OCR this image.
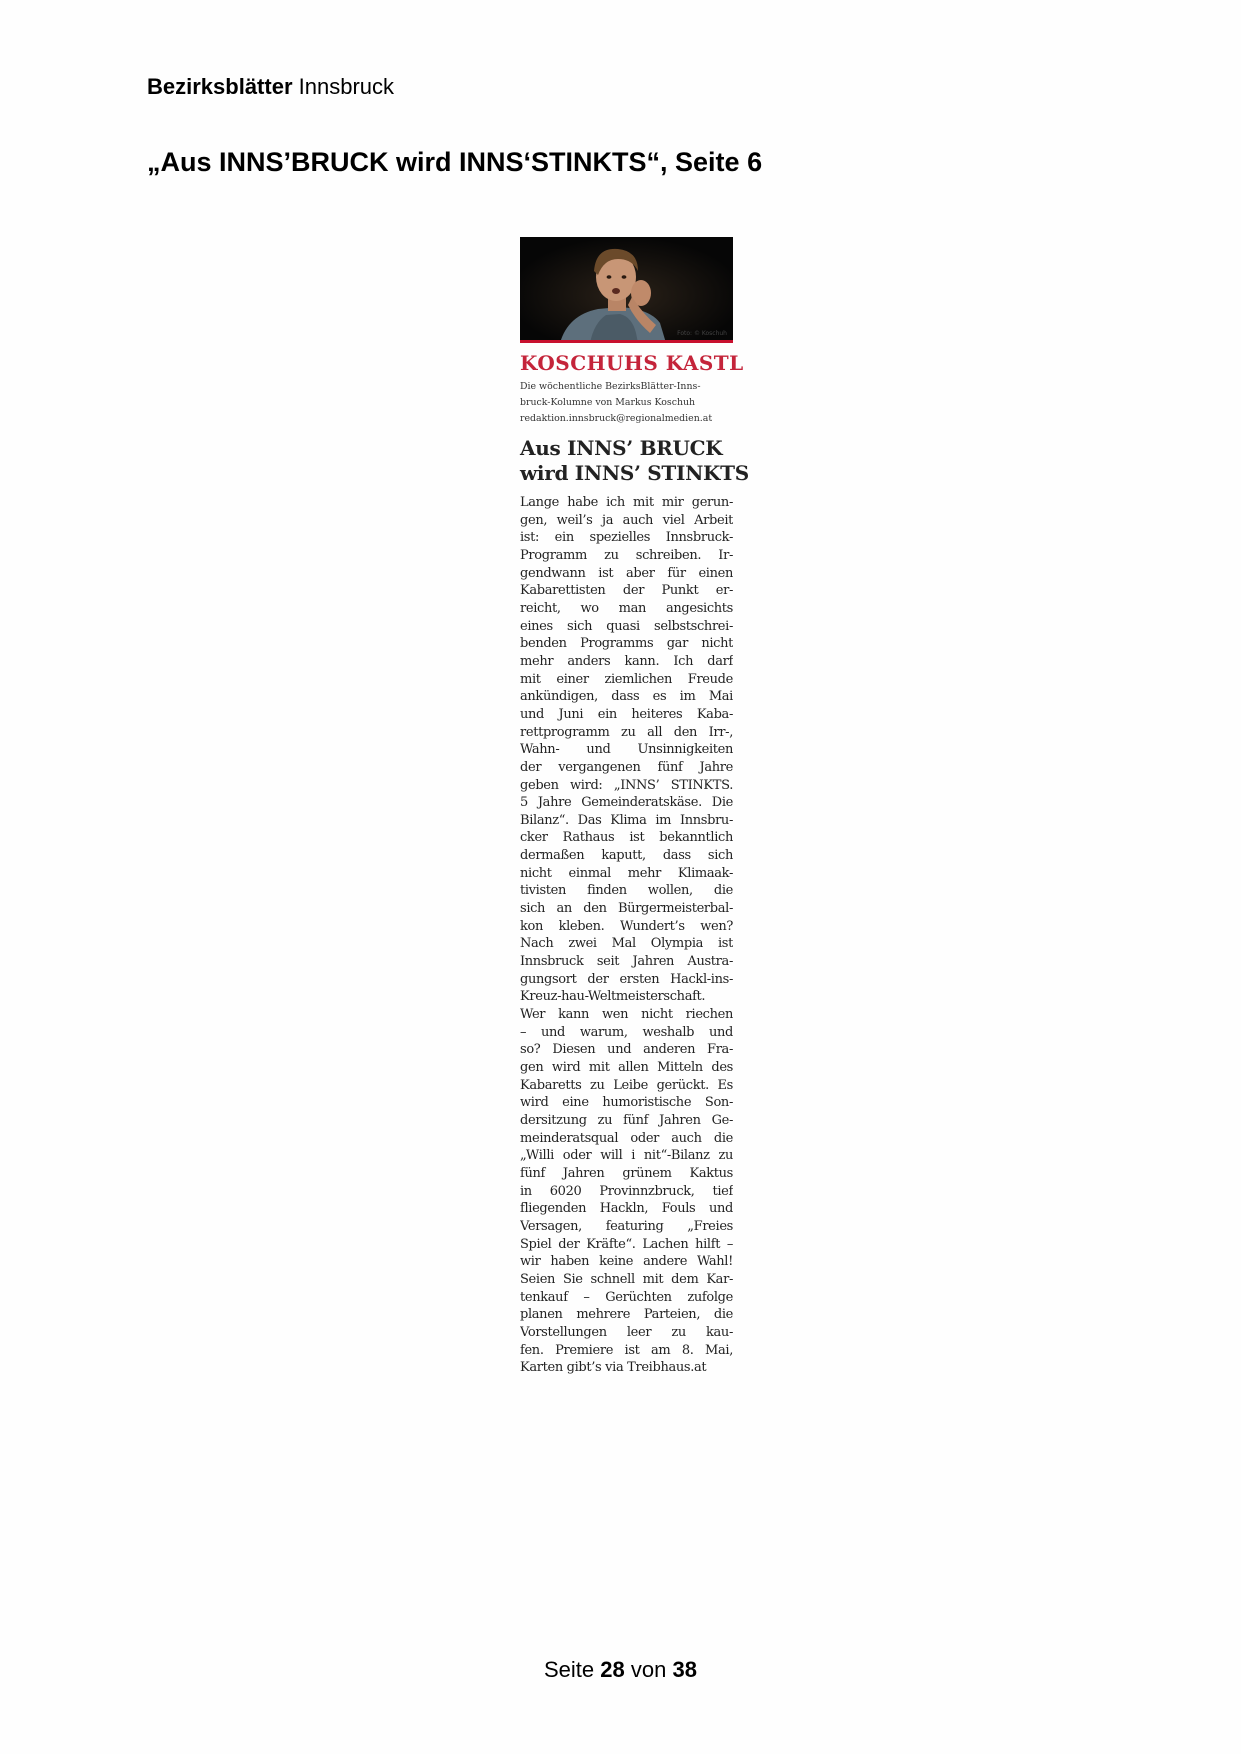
Bezirksblätter Innsbruck
„Aus INNS’BRUCK wird INNS‘STINKTS“, Seite 6
Foto: © Koschuh
KOSCHUHS KASTL
Die wöchentliche BezirksBlätter-Inns-
bruck-Kolumne von Markus Koschuh
redaktion.innsbruck@regionalmedien.at
Aus INNS’ BRUCK
wird INNS’ STINKTS
Lange habe ich mit mir gerun-
gen, weil’s ja auch viel Arbeit
ist: ein spezielles Innsbruck-
Programm zu schreiben. Ir-
gendwann ist aber für einen
Kabarettisten der Punkt er-
reicht, wo man angesichts
eines sich quasi selbstschrei-
benden Programms gar nicht
mehr anders kann. Ich darf
mit einer ziemlichen Freude
ankündigen, dass es im Mai
und Juni ein heiteres Kaba-
rettprogramm zu all den Irr-,
Wahn- und Unsinnigkeiten
der vergangenen fünf Jahre
geben wird: „INNS’ STINKTS.
5 Jahre Gemeinderatskäse. Die
Bilanz“. Das Klima im Innsbru-
cker Rathaus ist bekanntlich
dermaßen kaputt, dass sich
nicht einmal mehr Klimaak-
tivisten finden wollen, die
sich an den Bürgermeisterbal-
kon kleben. Wundert’s wen?
Nach zwei Mal Olympia ist
Innsbruck seit Jahren Austra-
gungsort der ersten Hackl-ins-
Kreuz-hau-Weltmeisterschaft.
Wer kann wen nicht riechen
– und warum, weshalb und
so? Diesen und anderen Fra-
gen wird mit allen Mitteln des
Kabaretts zu Leibe gerückt. Es
wird eine humoristische Son-
dersitzung zu fünf Jahren Ge-
meinderatsqual oder auch die
„Willi oder will i nit“-Bilanz zu
fünf Jahren grünem Kaktus
in 6020 Provinnzbruck, tief
fliegenden Hackln, Fouls und
Versagen, featuring „Freies
Spiel der Kräfte“. Lachen hilft –
wir haben keine andere Wahl!
Seien Sie schnell mit dem Kar-
tenkauf – Gerüchten zufolge
planen mehrere Parteien, die
Vorstellungen leer zu kau-
fen. Premiere ist am 8. Mai,
Karten gibt’s via Treibhaus.at
Seite 28 von 38
